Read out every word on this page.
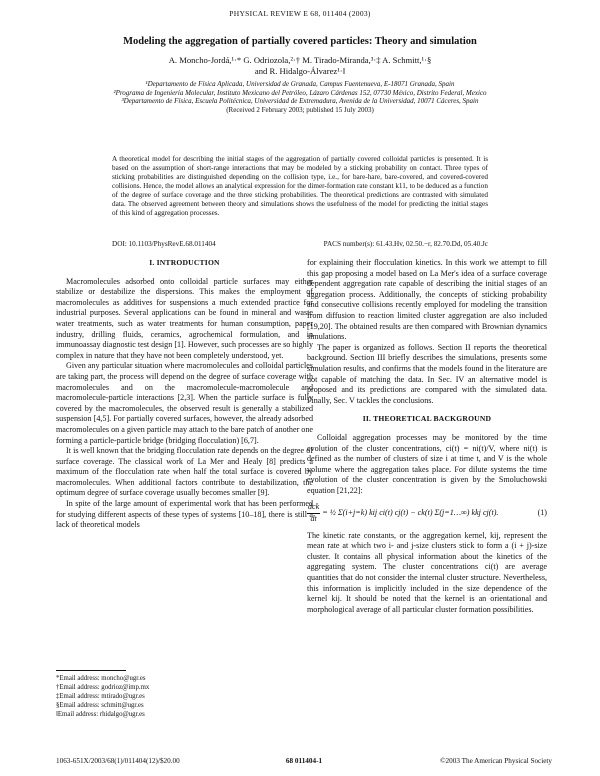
PHYSICAL REVIEW E 68, 011404 (2003)
Modeling the aggregation of partially covered particles: Theory and simulation
A. Moncho-Jordá,¹·* G. Odriozola,²·† M. Tirado-Miranda,³·‡ A. Schmitt,¹·§
and R. Hidalgo-Álvarez¹·‖

¹Departamento de Física Aplicada, Universidad de Granada, Campus Fuentenueva, E-18071 Granada, Spain

²Programa de Ingeniería Molecular, Instituto Mexicano del Petróleo, Lázaro Cárdenas 152, 07730 México, Distrito Federal, Mexico

³Departamento de Física, Escuela Politécnica, Universidad de Extremadura, Avenida de la Universidad, 10071 Cáceres, Spain

(Received 2 February 2003; published 15 July 2003)

A theoretical model for describing the initial stages of the aggregation of partially covered colloidal particles is presented. It is based on the assumption of short-range interactions that may be modeled by a sticking probability on contact. Three types of sticking probabilities are distinguished depending on the collision type, i.e., for bare-hare, bare-covered, and covered-covered collisions. Hence, the model allows an analytical expression for the dimer-formation rate constant k11, to be deduced as a function of the degree of surface coverage and the three sticking probabilities. The theoretical predictions are contrasted with simulated data. The observed agreement between theory and simulations shows the usefulness of the model for predicting the initial stages of this kind of aggregation processes.
DOI: 10.1103/PhysRevE.68.011404	PACS number(s): 61.43.Hv, 02.50.−r, 82.70.Dd, 05.40.Jc
I. INTRODUCTION

Macromolecules adsorbed onto colloidal particle surfaces may either stabilize or destabilize the dispersions. This makes the employment of macromolecules as additives for suspensions a much extended practice for industrial purposes. Several applications can be found in mineral and waste water treatments, such as water treatments for human consumption, paper industry, drilling fluids, ceramics, agrochemical formulation, and in immunoassay diagnostic test design [1]. However, such processes are so highly complex in nature that they have not been completely understood, yet.

Given any particular situation where macromolecules and colloidal particles are taking part, the process will depend on the degree of surface coverage with macromolecules and on the macromolecule-macromolecule and macromolecule-particle interactions [2,3]. When the particle surface is fully covered by the macromolecules, the observed result is generally a stabilized suspension [4,5]. For partially covered surfaces, however, the already adsorbed macromolecules on a given particle may attach to the bare patch of another one forming a particle-particle bridge (bridging flocculation) [6,7].

It is well known that the bridging flocculation rate depends on the degree of surface coverage. The classical work of La Mer and Healy [8] predicts a maximum of the flocculation rate when half the total surface is covered by macromolecules. When additional factors contribute to destabilization, the optimum degree of surface coverage usually becomes smaller [9].

In spite of the large amount of experimental work that has been performed for studying different aspects of these types of systems [10–18], there is still a lack of theoretical models

for explaining their flocculation kinetics. In this work we attempt to fill this gap proposing a model based on La Mer's idea of a surface coverage dependent aggregation rate capable of describing the initial stages of an aggregation process. Additionally, the concepts of sticking probability and consecutive collisions recently employed for modeling the transition from diffusion to reaction limited cluster aggregation are also included [19,20]. The obtained results are then compared with Brownian dynamics simulations.

The paper is organized as follows. Section II reports the theoretical background. Section III briefly describes the simulations, presents some simulation results, and confirms that the models found in the literature are not capable of matching the data. In Sec. IV an alternative model is proposed and its predictions are compared with the simulated data. Finally, Sec. V tackles the conclusions.

II. THEORETICAL BACKGROUND

Colloidal aggregation processes may be monitored by the time evolution of the cluster concentrations, ci(t) = ni(t)/V, where ni(t) is defined as the number of clusters of size i at time t, and V is the whole volume where the aggregation takes place. For dilute systems the time evolution of the cluster concentration is given by the Smoluchowski equation [21,22]:

$\frac{\text{dck}}{dt}$ = ½ Σ(i+j=k) kij ci(t) cj(t) − ck(t) Σ(j=1…∞) kkj cj(t).	(1)

The kinetic rate constants, or the aggregation kernel, kij, represent the mean rate at which two i- and j-size clusters stick to form a (i + j)-size cluster. It contains all physical information about the kinetics of the aggregating system. The cluster concentrations ci(t) are average quantities that do not consider the internal cluster structure. Nevertheless, this information is implicitly included in the size dependence of the kernel kij. It should be noted that the kernel is an orientational and morphological average of all particular cluster formation possibilities.

*Email address: moncho@ugr.es
†Email address: godrioz@imp.mx
‡Email address: mtirado@ugr.es
§Email address: schmitt@ugr.es
‖Email address: rhidalgo@ugr.es
1063-651X/2003/68(1)/011404(12)/$20.00	68 011404-1	©2003 The American Physical Society
